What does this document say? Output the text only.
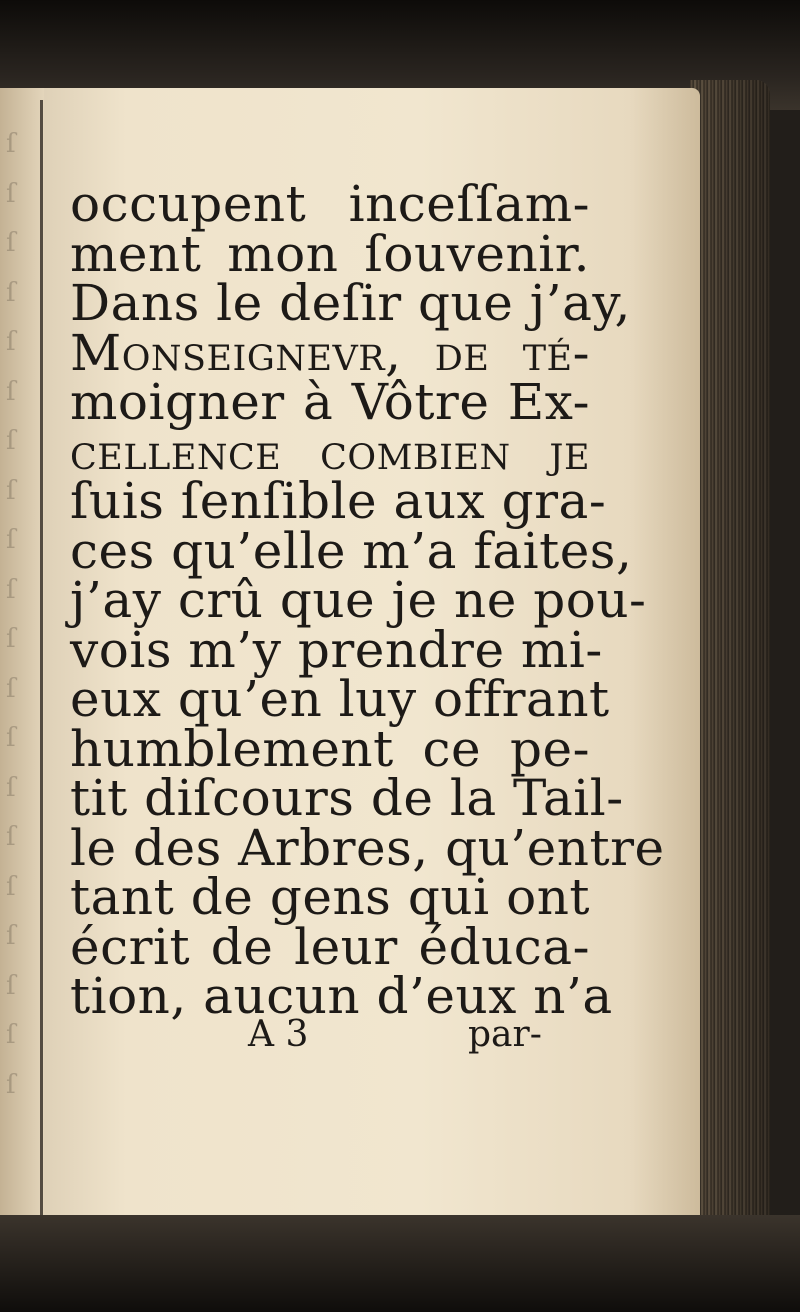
ſ
ſ
ſ
ſ
ſ
ſ
ſ
ſ
ſ
ſ
ſ
ſ
ſ
ſ
ſ
ſ
ſ
ſ
ſ
ſ
occupent inceſſam-
ment mon ſouvenir.
Dans le deſir que j’ay,
Monseignevr, de té-
moigner à Vôtre Ex-
cellence combien je
ſuis ſenſible aux gra-
ces qu’elle m’a faites,
j’ay crû que je ne pou-
vois m’y prendre mi-
eux qu’en luy offrant
humblement ce pe-
tit diſcours de la Tail-
le des Arbres, qu’entre
tant de gens qui ont
écrit de leur éduca-
tion, aucun d’eux n’a
A 3	par-
